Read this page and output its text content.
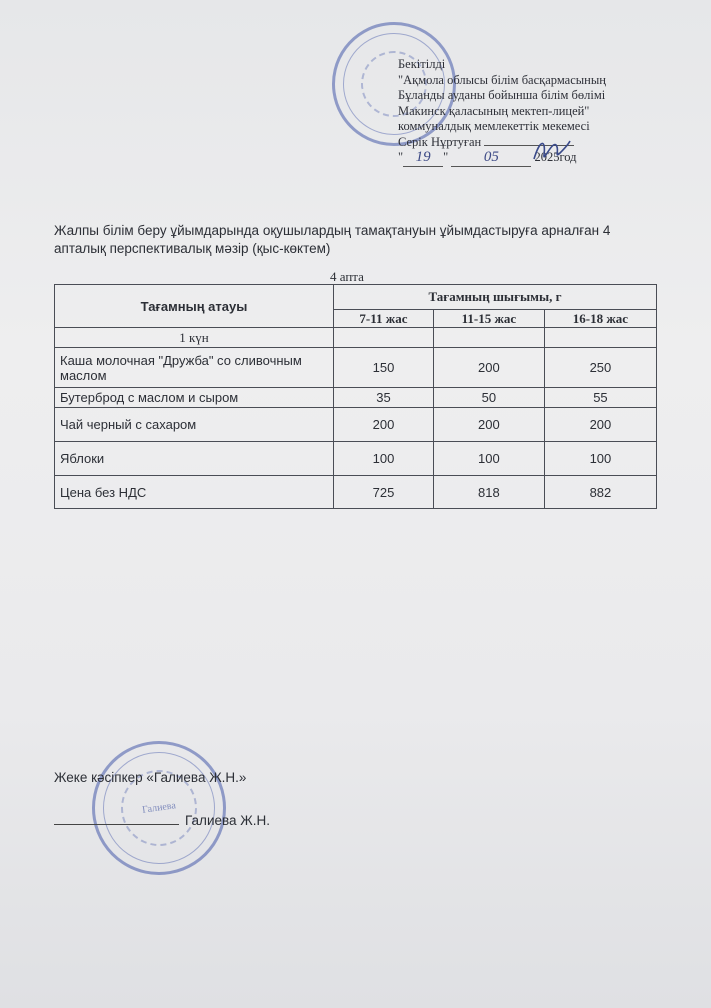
Бекітілді
"Ақмола облысы білім басқармасының
Бұланды ауданы бойынша білім бөлімі
Макинск қаласының мектеп-лицей"
коммуналдық мемлекеттік мекемесі
Серік Нұртуған
" 19 " 05	2025год
Жалпы білім беру ұйымдарында оқушылардың тамақтануын ұйымдастыруға арналған 4 апталық перспективалық мәзір (қыс-көктем)
4 апта
Тағамның атауы	Тағамның шығымы, г		
	7-11 жас	11-15 жас	16-18 жас
1 күн			
Каша молочная "Дружба" со сливочным маслом	150	200	250
Бутерброд с маслом и сыром	35	50	55
Чай черный с сахаром	200	200	200
Яблоки	100	100	100
Цена без НДС	725	818	882
Галиева
Жеке кәсіпкер «Галиева Ж.Н.»
Галиева Ж.Н.
